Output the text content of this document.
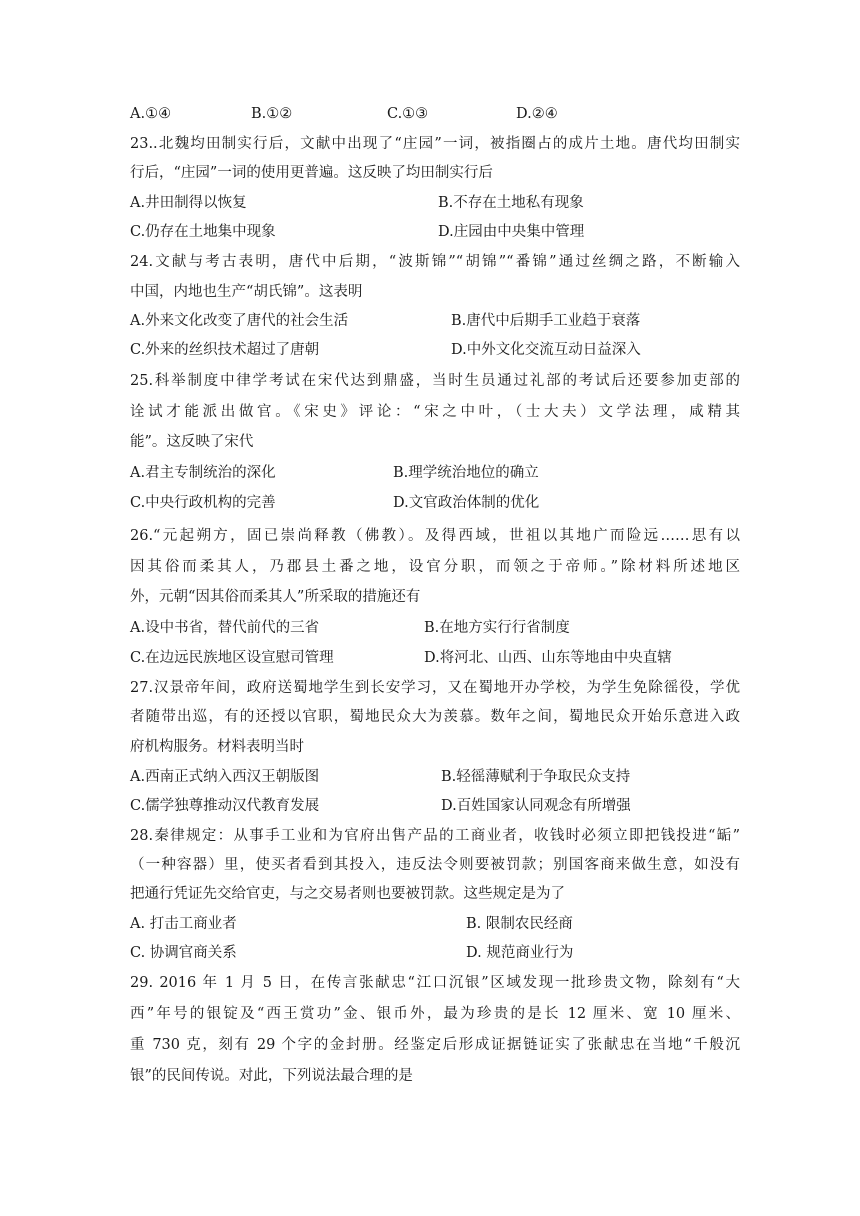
A.①④	B.①②	C.①③	D.②④
23..北魏均田制实行后，文献中出现了“庄园”一词，被指圈占的成片土地。唐代均田制实
行后，“庄园”一词的使用更普遍。这反映了均田制实行后
A.井田制得以恢复	B.不存在土地私有现象
C.仍存在土地集中现象	D.庄园由中央集中管理
24.文献与考古表明，唐代中后期，“波斯锦”“胡锦”“番锦”通过丝绸之路，不断输入
中国，内地也生产“胡氏锦”。这表明
A.外来文化改变了唐代的社会生活	B.唐代中后期手工业趋于衰落
C.外来的丝织技术超过了唐朝	D.中外文化交流互动日益深入
25.科举制度中律学考试在宋代达到鼎盛，当时生员通过礼部的考试后还要参加吏部的
诠试才能派出做官。《宋史》评论：“宋之中叶，（士大夫）文学法理，咸精其
能”。这反映了宋代
A.君主专制统治的深化	B.理学统治地位的确立
C.中央行政机构的完善	D.文官政治体制的优化
26.“元起朔方，固已崇尚释教（佛教）。及得西域，世祖以其地广而险远……思有以
因其俗而柔其人，乃郡县土番之地，设官分职，而领之于帝师。”除材料所述地区
外，元朝“因其俗而柔其人”所采取的措施还有
A.设中书省，替代前代的三省	B.在地方实行行省制度
C.在边远民族地区设宣慰司管理	D.将河北、山西、山东等地由中央直辖
27.汉景帝年间，政府送蜀地学生到长安学习，又在蜀地开办学校，为学生免除徭役，学优
者随带出巡，有的还授以官职，蜀地民众大为羡慕。数年之间，蜀地民众开始乐意进入政
府机构服务。材料表明当时
A.西南正式纳入西汉王朝版图	B.轻徭薄赋利于争取民众支持
C.儒学独尊推动汉代教育发展	D.百姓国家认同观念有所增强
28.秦律规定：从事手工业和为官府出售产品的工商业者，收钱时必须立即把钱投进“缿”
（一种容器）里，使买者看到其投入，违反法令则要被罚款；别国客商来做生意，如没有
把通行凭证先交给官吏，与之交易者则也要被罚款。这些规定是为了
A. 打击工商业者	B. 限制农民经商
C. 协调官商关系	D. 规范商业行为
29. 2016 年 1 月 5 日，在传言张献忠“江口沉银”区域发现一批珍贵文物，除刻有“大
西”年号的银锭及“西王赏功”金、银币外，最为珍贵的是长 12 厘米、宽 10 厘米、
重 730 克，刻有 29 个字的金封册。经鉴定后形成证据链证实了张献忠在当地“千般沉
银”的民间传说。对此，下列说法最合理的是
